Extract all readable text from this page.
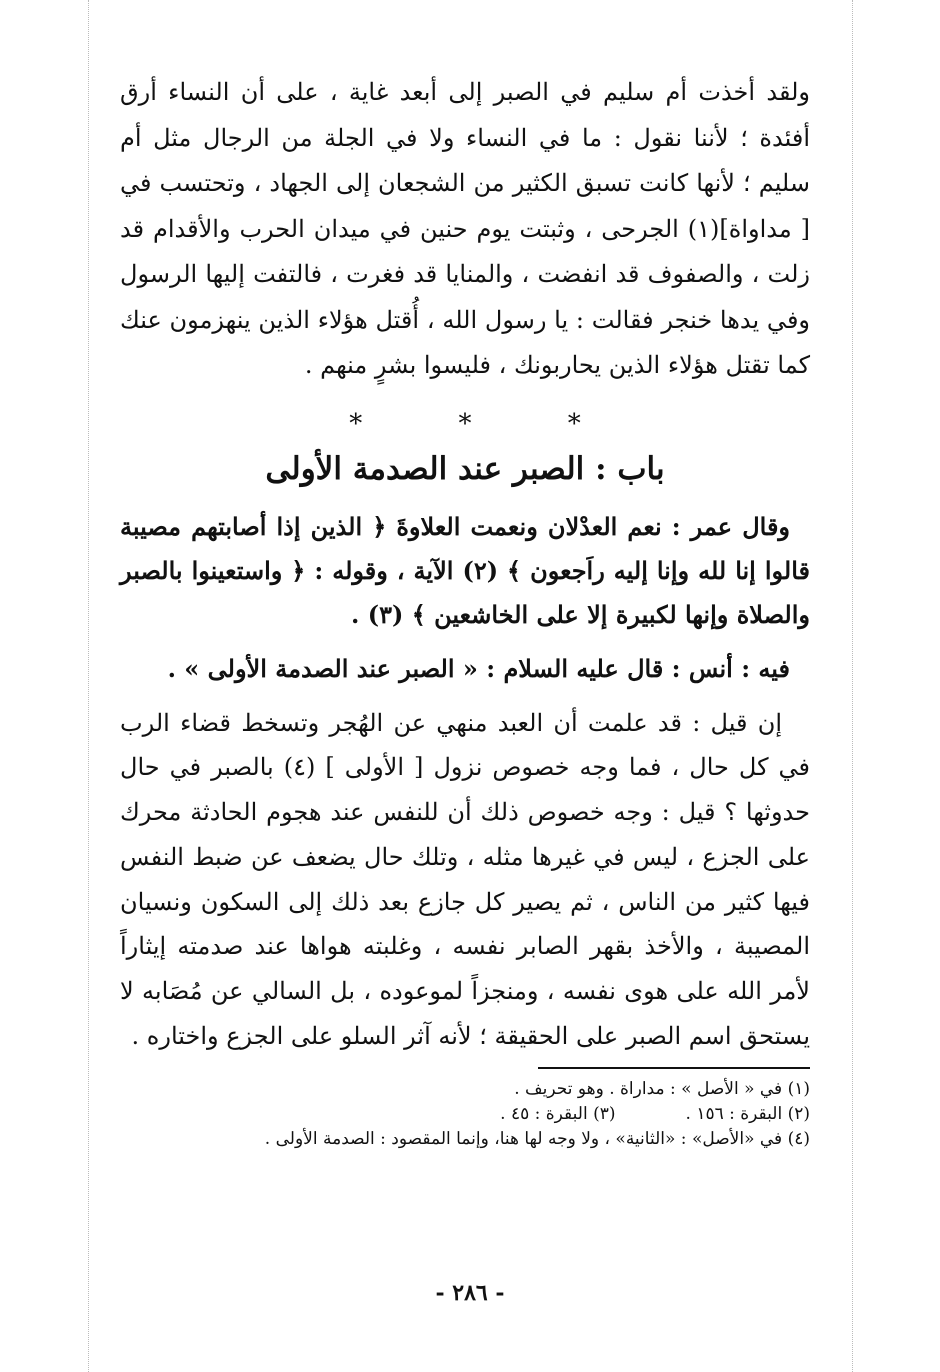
ولقد أخذت أم سليم في الصبر إلى أبعد غاية ، على أن النساء أرق أفئدة ؛ لأننا نقول : ما في النساء ولا في الجلة من الرجال مثل أم سليم ؛ لأنها كانت تسبق الكثير من الشجعان إلى الجهاد ، وتحتسب في [ مداواة](١) الجرحى ، وثبتت يوم حنين في ميدان الحرب والأقدام قد زلت ، والصفوف قد انفضت ، والمنايا قد فغرت ، فالتفت إليها الرسول وفي يدها خنجر فقالت : يا رسول الله ، أُقتل هؤلاء الذين ينهزمون عنك كما تقتل هؤلاء الذين يحاربونك ، فليسوا بشرٍ منهم .

* * *
باب : الصبر عند الصدمة الأولى

وقال عمر : نعم العدْلان ونعمت العلاوةَ ﴿ الذين إذا أصابتهم مصيبة قالوا إنا لله وإنا إليه راَجعون ﴾ (٢) الآية ، وقوله : ﴿ واستعينوا بالصبر والصلاة وإنها لكبيرة إلا على الخاشعين ﴾ (٣) .

فيه : أنس : قال عليه السلام : « الصبر عند الصدمة الأولى » .

إن قيل : قد علمت أن العبد منهي عن الهُجر وتسخط قضاء الرب في كل حال ، فما وجه خصوص نزول [ الأولى ] (٤) بالصبر في حال حدوثها ؟ قيل : وجه خصوص ذلك أن للنفس عند هجوم الحادثة محرك على الجزع ، ليس في غيرها مثله ، وتلك حال يضعف عن ضبط النفس فيها كثير من الناس ، ثم يصير كل جازع بعد ذلك إلى السكون ونسيان المصيبة ، والأخذ بقهر الصابر نفسه ، وغلبته هواها عند صدمته إيثاراً لأمر الله على هوى نفسه ، ومنجزاً لموعوده ، بل السالي عن مُصَابه لا يستحق اسم الصبر على الحقيقة ؛ لأنه آثر السلو على الجزع واختاره .

(١) في « الأصل » : مداراة . وهو تحريف .

(٢) البقرة : ١٥٦ .

(٣) البقرة : ٤٥ .

(٤) في «الأصل» : «الثانية» ، ولا وجه لها هنا، وإنما المقصود : الصدمة الأولى .

- ٢٨٦ -
